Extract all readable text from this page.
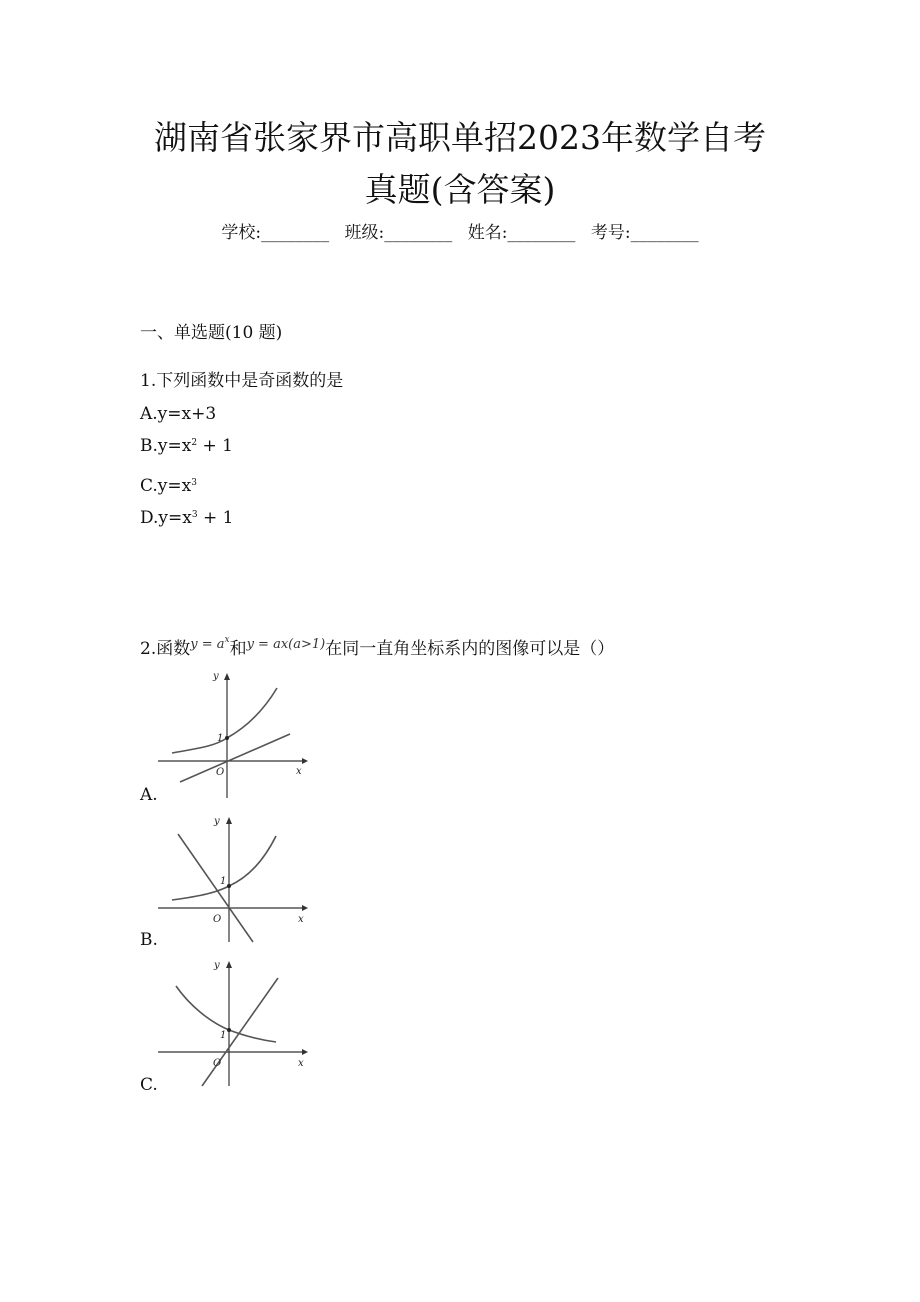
湖南省张家界市高职单招2023年数学自考
真题(含答案)
学校:________ 班级:________ 姓名:________ 考号:________
一、单选题(10 题)
1.下列函数中是奇函数的是
A.y=x+3
$B.y=x^2 + 1$
$C.y=x^3$
$D.y=x^3 + 1$
2.函数$^{y = a^x}$和$^{y = ax(a>1)}$在同一直角坐标系内的图像可以是（）
y
x
O
1
A.
y
x
O
1
B.
y
x
O
1
C.
